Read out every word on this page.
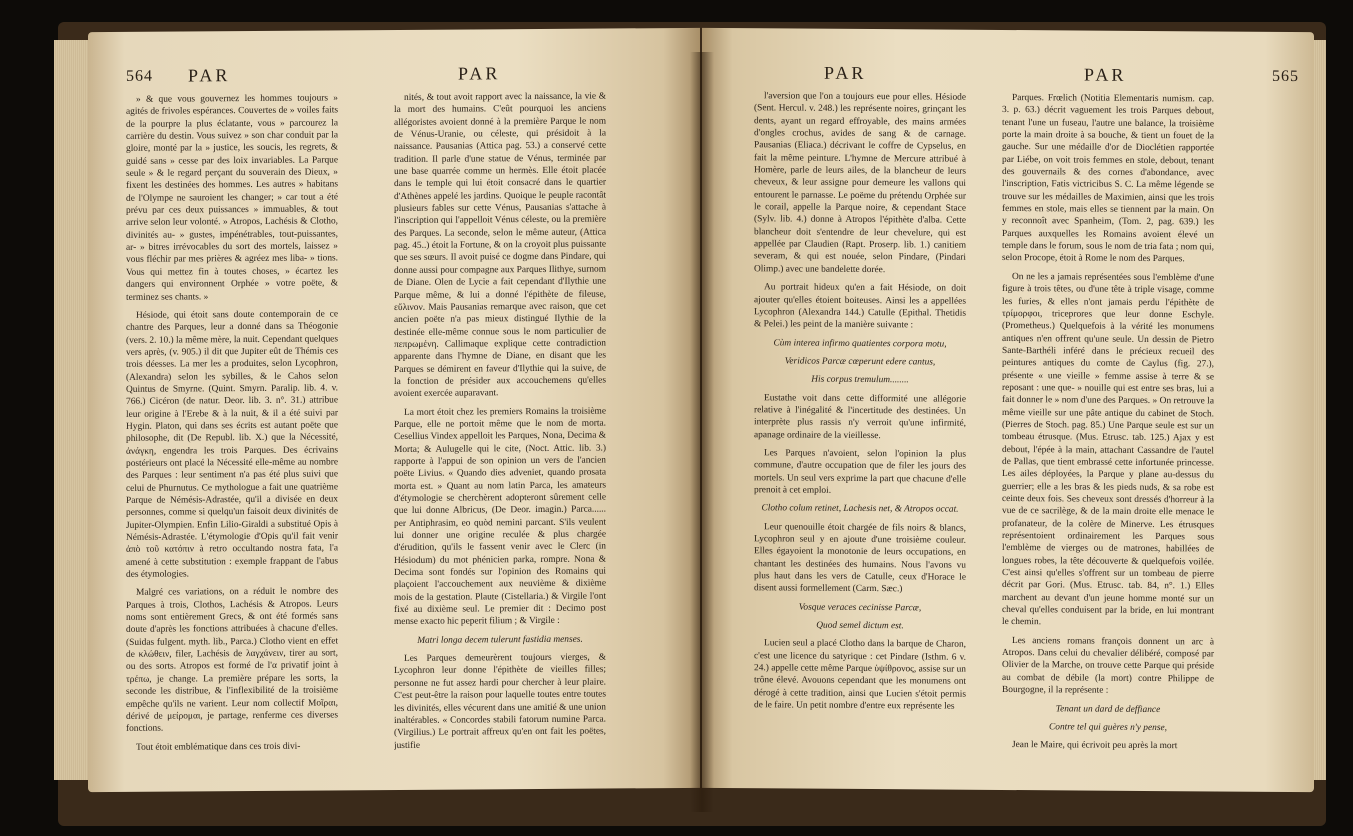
564 PAR	PAR

» & que vous gouvernez les hommes toujours » agités de frivoles espérances. Couvertes de » voiles faits de la pourpre la plus éclatante, vous » parcourez la carrière du destin. Vous suivez » son char conduit par la gloire, monté par la » justice, les soucis, les regrets, & guidé sans » cesse par des loix invariables. La Parque seule » & le regard perçant du souverain des Dieux, » fixent les destinées des hommes. Les autres » habitans de l'Olympe ne sauroient les changer; » car tout a été prévu par ces deux puissances » immuables, & tout arrive selon leur volonté. » Atropos, Lachésis & Clotho, divinités au- » gustes, impénétrables, tout-puissantes, ar- » bitres irrévocables du sort des mortels, laissez » vous fléchir par mes prières & agréez mes liba- » tions. Vous qui mettez fin à toutes choses, » écartez les dangers qui environnent Orphée » votre poëte, & terminez ses chants. »

Hésiode, qui étoit sans doute contemporain de ce chantre des Parques, leur a donné dans sa Théogonie (vers. 2. 10.) la même mère, la nuit. Cependant quelques vers après, (v. 905.) il dit que Jupiter eût de Thémis ces trois déesses. La mer les a produites, selon Lycophron, (Alexandra) selon les sybilles, & le Cahos selon Quintus de Smyrne. (Quint. Smyrn. Paralip. lib. 4. v. 766.) Cicéron (de natur. Deor. lib. 3. n°. 31.) attribue leur origine à l'Erebe & à la nuit, & il a été suivi par Hygin. Platon, qui dans ses écrits est autant poëte que philosophe, dit (De Republ. lib. X.) que la Nécessité, ἀνάγκη, engendra les trois Parques. Des écrivains postérieurs ont placé la Nécessité elle-même au nombre des Parques : leur sentiment n'a pas été plus suivi que celui de Phurnutus. Ce mythologue a fait une quatrième Parque de Némésis-Adrastée, qu'il a divisée en deux personnes, comme si quelqu'un faisoit deux divinités de Jupiter-Olympien. Enfin Lilio-Giraldi a substitué Opis à Némésis-Adrastée. L'étymologie d'Opis qu'il fait venir ἀπὸ τοῦ κατόπιν à retro occultando nostra fata, l'a amené à cette substitution : exemple frappant de l'abus des étymologies.

Malgré ces variations, on a réduit le nombre des Parques à trois, Clothos, Lachésis & Atropos. Leurs noms sont entièrement Grecs, & ont été formés sans doute d'après les fonctions attribuées à chacune d'elles. (Suidas fulgent. myth. lib., Parca.) Clotho vient en effet de κλώθειν, filer, Lachésis de λαγχάνειν, tirer au sort, ou des sorts. Atropos est formé de l'α privatif joint à τρέπω, je change. La première prépare les sorts, la seconde les distribue, & l'inflexibilité de la troisième empêche qu'ils ne varient. Leur nom collectif Μοῖραι, dérivé de μείρομαι, je partage, renferme ces diverses fonctions.

Tout étoit emblématique dans ces trois divi-

nités, & tout avoit rapport avec la naissance, la vie & la mort des humains. C'eût pourquoi les anciens allégoristes avoient donné à la première Parque le nom de Vénus-Uranie, ou céleste, qui présidoit à la naissance. Pausanias (Attica pag. 53.) a conservé cette tradition. Il parle d'une statue de Vénus, terminée par une base quarrée comme un hermès. Elle étoit placée dans le temple qui lui étoit consacré dans le quartier d'Athènes appelé les jardins. Quoique le peuple racontât plusieurs fables sur cette Vénus, Pausanias s'attache à l'inscription qui l'appelloit Vénus céleste, ou la première des Parques. La seconde, selon le même auteur, (Attica pag. 45..) étoit la Fortune, & on la croyoit plus puissante que ses sœurs. Il avoit puisé ce dogme dans Pindare, qui donne aussi pour compagne aux Parques Ilithye, surnom de Diane. Olen de Lycie a fait cependant d'Ilythie une Parque même, & lui a donné l'épithète de fileuse, εὔλινον. Mais Pausanias remarque avec raison, que cet ancien poëte n'a pas mieux distingué Ilythie de la destinée elle-même connue sous le nom particulier de πεπρωμένη. Callimaque explique cette contradiction apparente dans l'hymne de Diane, en disant que les Parques se démirent en faveur d'Ilythie qui la suive, de la fonction de présider aux accouchemens qu'elles avoient exercée auparavant.

La mort étoit chez les premiers Romains la troisième Parque, elle ne portoit même que le nom de morta. Cesellius Vindex appelloit les Parques, Nona, Decima & Morta; & Aulugelle qui le cite, (Noct. Attic. lib. 3.) rapporte à l'appui de son opinion un vers de l'ancien poëte Livius. « Quando dies adveniet, quando prosata morta est. » Quant au nom latin Parca, les amateurs d'étymologie se cherchèrent adopteront sûrement celle que lui donne Albricus, (De Deor. imagin.) Parca...... per Antiphrasim, eo quòd nemini parcant. S'ils veulent lui donner une origine reculée & plus chargée d'érudition, qu'ils le fassent venir avec le Clerc (in Hésiodum) du mot phénicien parka, rompre. Nona & Decima sont fondés sur l'opinion des Romains qui plaçoient l'accouchement aux neuvième & dixième mois de la gestation. Plaute (Cistellaria.) & Virgile l'ont fixé au dixième seul. Le premier dit : Decimo post mense exacto hic peperit filium ; & Virgile :

Matri longa decem tulerunt fastidia menses.

Les Parques demeurèrent toujours vierges, & Lycophron leur donne l'épithète de vieilles filles; personne ne fut assez hardi pour chercher à leur plaire. C'est peut-être la raison pour laquelle toutes entre toutes les divinités, elles vécurent dans une amitié & une union inaltérables. « Concordes stabili fatorum numine Parca. (Virgilius.) Le portrait affreux qu'en ont fait les poëtes, justifie

PAR	PAR	565

l'aversion que l'on a toujours eue pour elles. Hésiode (Sent. Hercul. v. 248.) les représente noires, grinçant les dents, ayant un regard effroyable, des mains armées d'ongles crochus, avides de sang & de carnage. Pausanias (Eliaca.) décrivant le coffre de Cypselus, en fait la même peinture. L'hymne de Mercure attribué à Homère, parle de leurs ailes, de la blancheur de leurs cheveux, & leur assigne pour demeure les vallons qui entourent le parnasse. Le poëme du prétendu Orphée sur le corail, appelle la Parque noire, & cependant Stace (Sylv. lib. 4.) donne à Atropos l'épithète d'alba. Cette blancheur doit s'entendre de leur chevelure, qui est appellée par Claudien (Rapt. Proserp. lib. 1.) canitiem severam, & qui est nouée, selon Pindare, (Pindari Olimp.) avec une bandelette dorée.

Au portrait hideux qu'en a fait Hésiode, on doit ajouter qu'elles étoient boiteuses. Ainsi les a appellées Lycophron (Alexandra 144.) Catulle (Epithal. Thetidis & Pelei.) les peint de la manière suivante :

Cùm interea infirmo quatientes corpora motu,

Veridicos Parcæ cœperunt edere cantus,

His corpus tremulum........

Eustathe voit dans cette difformité une allégorie relative à l'inégalité & l'incertitude des destinées. Un interprète plus rassis n'y verroit qu'une infirmité, apanage ordinaire de la vieillesse.

Les Parques n'avoient, selon l'opinion la plus commune, d'autre occupation que de filer les jours des mortels. Un seul vers exprime la part que chacune d'elle prenoit à cet emploi.

Clotho colum retinet, Lachesis net, & Atropos occat.

Leur quenouille étoit chargée de fils noirs & blancs, Lycophron seul y en ajoute d'une troisième couleur. Elles égayoient la monotonie de leurs occupations, en chantant les destinées des humains. Nous l'avons vu plus haut dans les vers de Catulle, ceux d'Horace le disent aussi formellement (Carm. Sæc.)

Vosque veraces cecinisse Parcæ,

Quod semel dictum est.

Lucien seul a placé Clotho dans la barque de Charon, c'est une licence du satyrique : cet Pindare (Isthm. 6 v. 24.) appelle cette même Parque ὑψίθρονος, assise sur un trône élevé. Avouons cependant que les monumens ont dérogé à cette tradition, ainsi que Lucien s'étoit permis de le faire. Un petit nombre d'entre eux représente les

Parques. Frœlich (Notitia Elementaris numism. cap. 3. p. 63.) décrit vaguement les trois Parques debout, tenant l'une un fuseau, l'autre une balance, la troisième porte la main droite à sa bouche, & tient un fouet de la gauche. Sur une médaille d'or de Dioclétien rapportée par Liébe, on voit trois femmes en stole, debout, tenant des gouvernails & des cornes d'abondance, avec l'inscription, Fatis victricibus S. C. La même légende se trouve sur les médailles de Maximien, ainsi que les trois femmes en stole, mais elles se tiennent par la main. On y reconnoît avec Spanheim, (Tom. 2, pag. 639.) les Parques auxquelles les Romains avoient élevé un temple dans le forum, sous le nom de tria fata ; nom qui, selon Procope, étoit à Rome le nom des Parques.

On ne les a jamais représentées sous l'emblème d'une figure à trois têtes, ou d'une tête à triple visage, comme les furies, & elles n'ont jamais perdu l'épithète de τρίμορφοι, triceprores que leur donne Eschyle. (Prometheus.) Quelquefois à la vérité les monumens antiques n'en offrent qu'une seule. Un dessin de Pietro Sante-Barthéli inféré dans le précieux recueil des peintures antiques du comte de Caylus (fig. 27.), présente « une vieille » femme assise à terre & se reposant : une que- » nouille qui est entre ses bras, lui a fait donner le » nom d'une des Parques. » On retrouve la même vieille sur une pâte antique du cabinet de Stoch. (Pierres de Stoch. pag. 85.) Une Parque seule est sur un tombeau étrusque. (Mus. Etrusc. tab. 125.) Ajax y est debout, l'épée à la main, attachant Cassandre de l'autel de Pallas, que tient embrassé cette infortunée princesse. Les ailes déployées, la Parque y plane au-dessus du guerrier; elle a les bras & les pieds nuds, & sa robe est ceinte deux fois. Ses cheveux sont dressés d'horreur à la vue de ce sacrilège, & de la main droite elle menace le profanateur, de la colère de Minerve. Les étrusques représentoient ordinairement les Parques sous l'emblème de vierges ou de matrones, habillées de longues robes, la tête découverte & quelquefois voilée. C'est ainsi qu'elles s'offrent sur un tombeau de pierre décrit par Gori. (Mus. Etrusc. tab. 84, n°. 1.) Elles marchent au devant d'un jeune homme monté sur un cheval qu'elles conduisent par la bride, en lui montrant le chemin.

Les anciens romans françois donnent un arc à Atropos. Dans celui du chevalier délibéré, composé par Olivier de la Marche, on trouve cette Parque qui préside au combat de débile (la mort) contre Philippe de Bourgogne, il la représente :

Tenant un dard de deffiance

Contre tel qui guères n'y pense,

Jean le Maire, qui écrivoit peu après la mort
